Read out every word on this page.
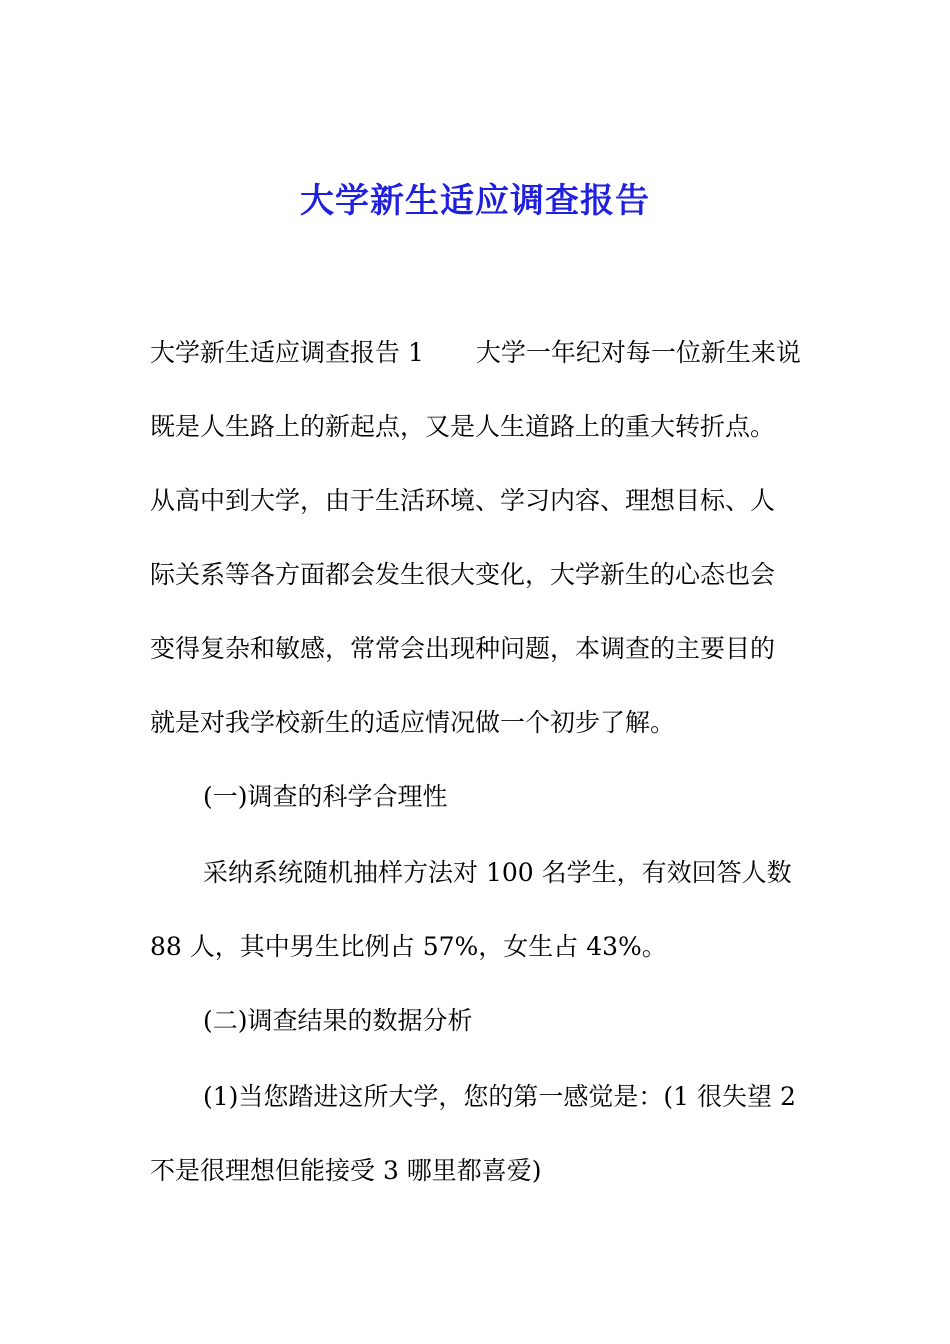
大学新生适应调查报告

大学新生适应调查报告 1 大学一年纪对每一位新生来说

既是人生路上的新起点，又是人生道路上的重大转折点。

从高中到大学，由于生活环境、学习内容、理想目标、人

际关系等各方面都会发生很大变化，大学新生的心态也会

变得复杂和敏感，常常会出现种问题，本调查的主要目的

就是对我学校新生的适应情况做一个初步了解。

(一)调查的科学合理性

采纳系统随机抽样方法对 100 名学生，有效回答人数

88 人，其中男生比例占 57%，女生占 43%。

(二)调查结果的数据分析

(1)当您踏进这所大学，您的第一感觉是：(1 很失望 2

不是很理想但能接受 3 哪里都喜爱)
